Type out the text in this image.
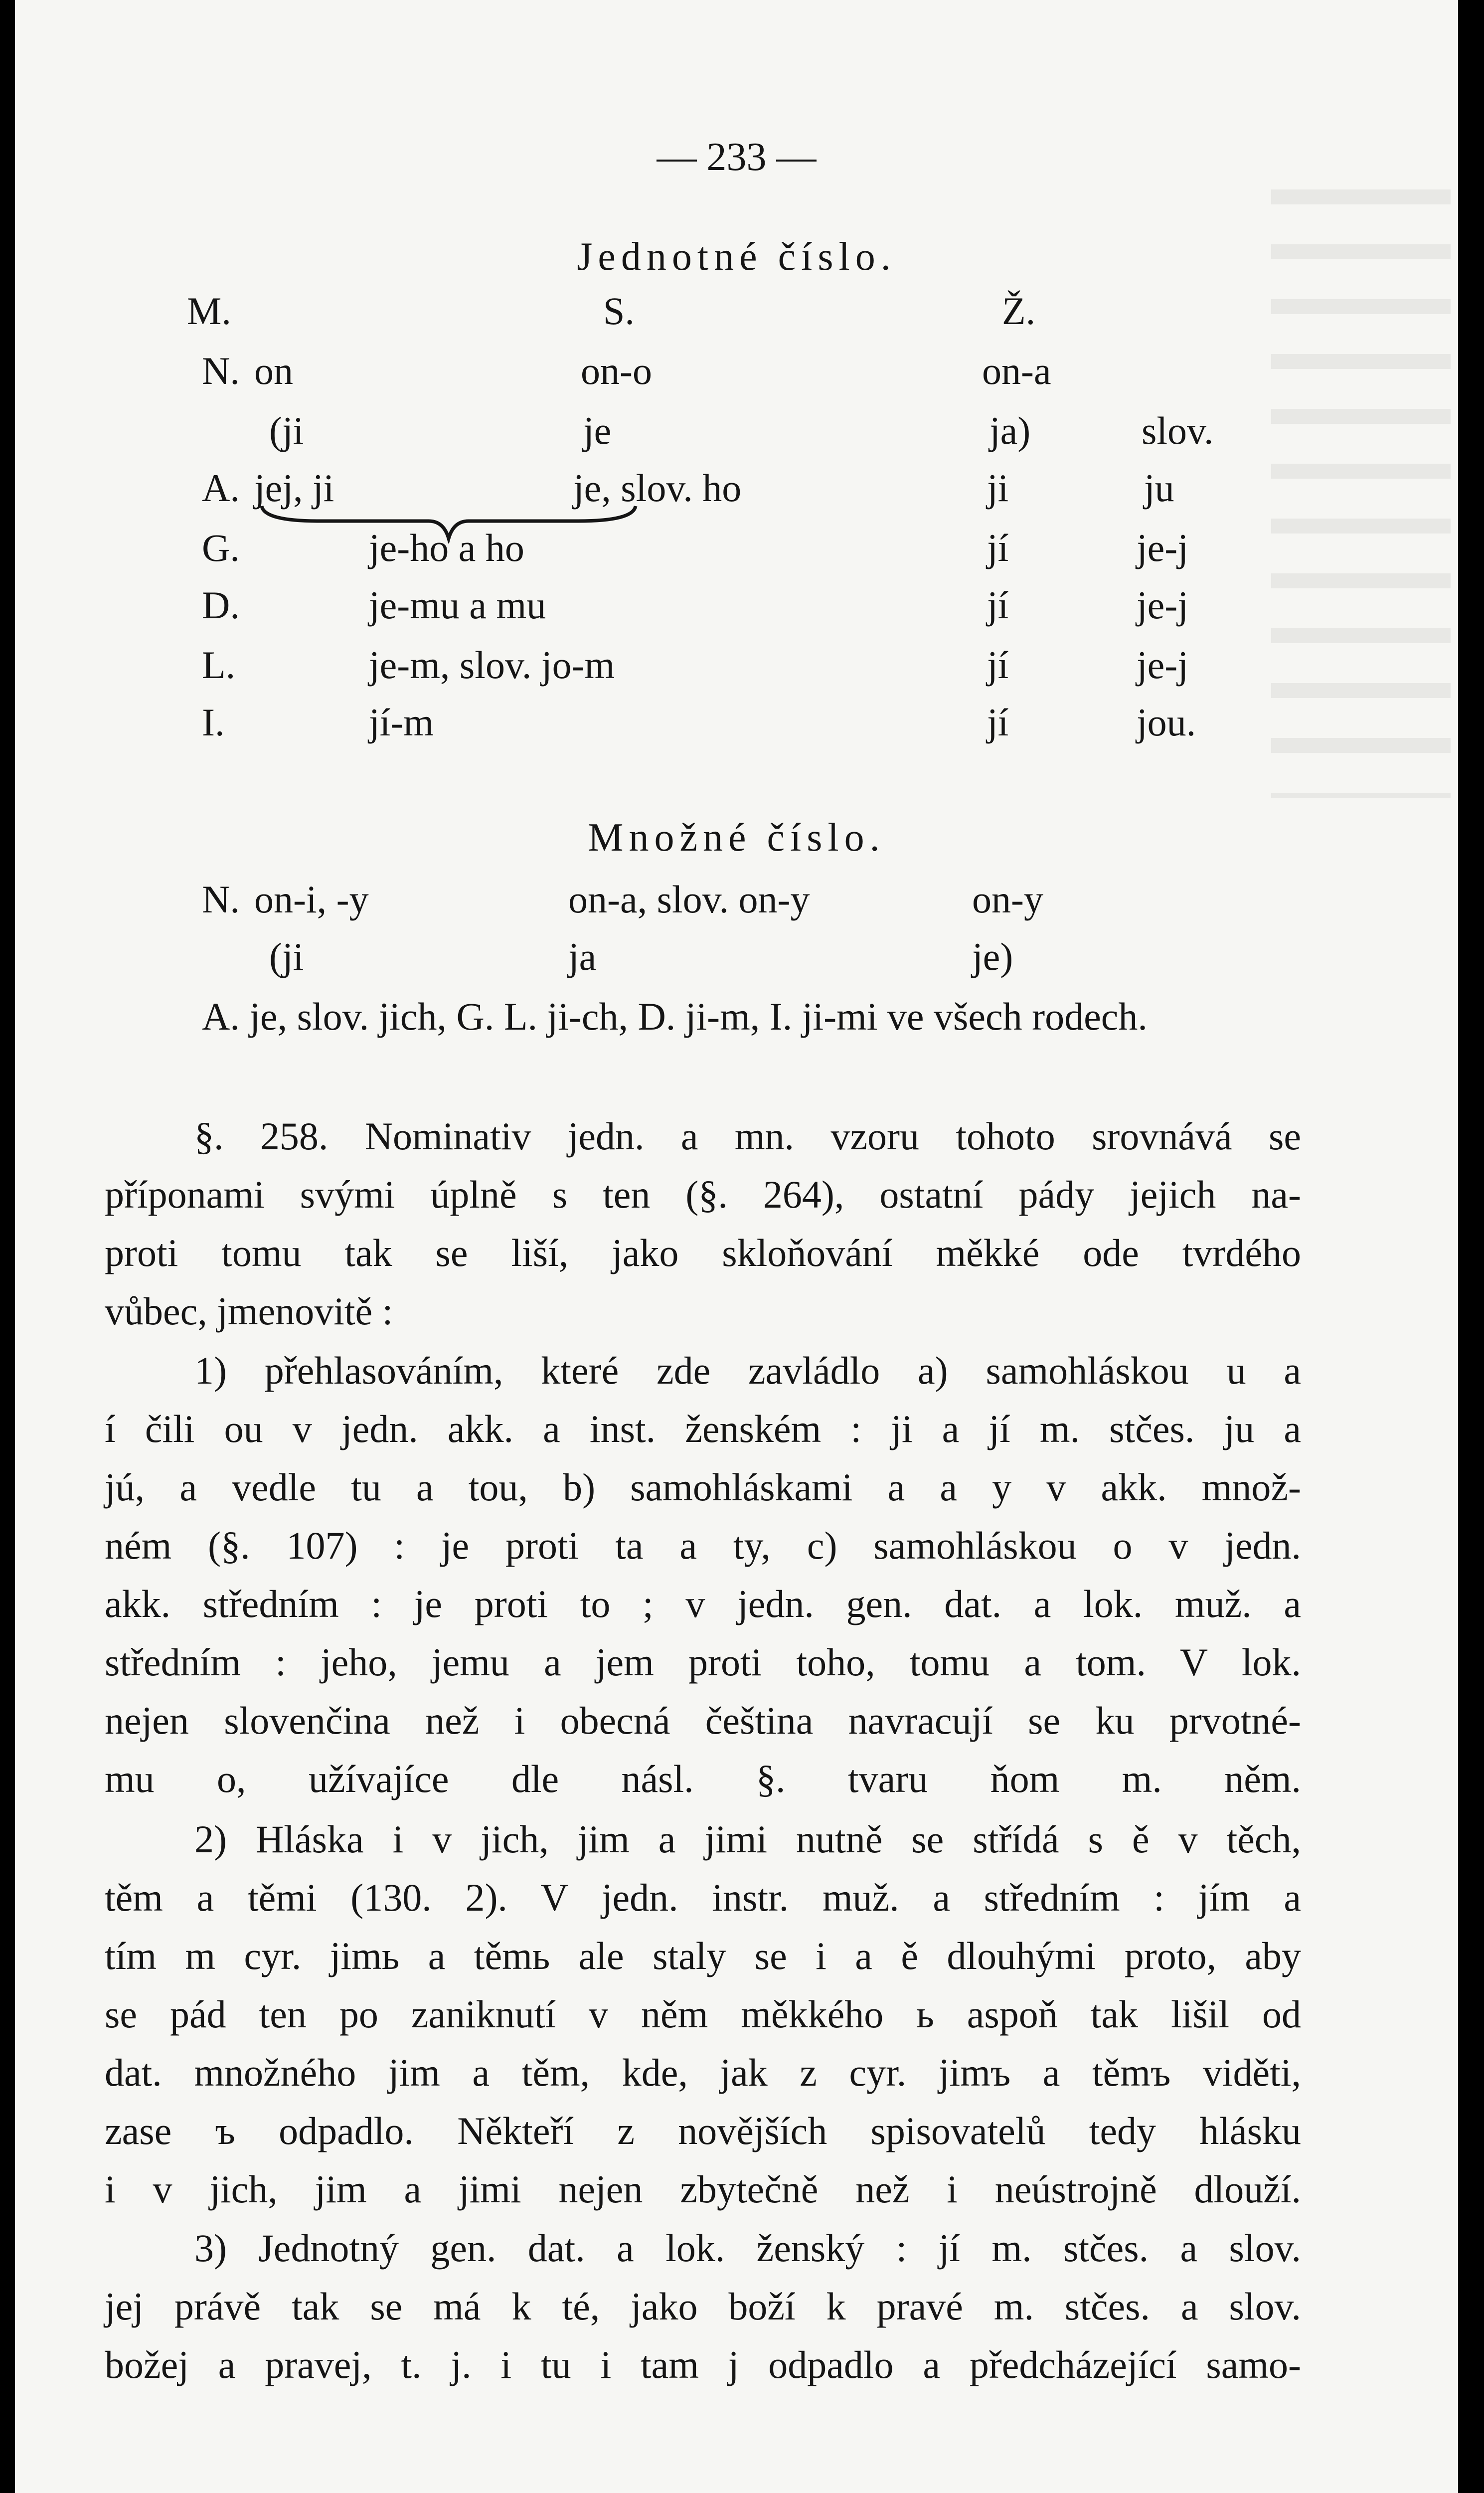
— 233 —
Jednotné číslo.
M.	S.	Ž.
N. on	on-o	on-a
(ji	je	ja)	slov.
A. jej, ji	je, slov. ho	ji	ju
G.	je-ho a ho	jí	je-j
D.	je-mu a mu	jí	je-j
L.	je-m, slov. jo-m	jí	je-j
I.	jí-m	jí	jou.
Množné číslo.
N. on-i, -y	on-a, slov. on-y	on-y
(ji	ja	je)
A. je, slov. jich, G. L. ji-ch, D. ji-m, I. ji-mi ve všech rodech.
§. 258. Nominativ jedn. a mn. vzoru tohoto srovnává se
příponami svými úplně s ten (§. 264), ostatní pády jejich na-
proti tomu tak se liší, jako skloňování měkké ode tvrdého
vůbec, jmenovitě :
1) přehlasováním, které zde zavládlo a) samohláskou u a
í čili ou v jedn. akk. a inst. ženském : ji a jí m. stčes. ju a
jú, a vedle tu a tou, b) samohláskami a a y v akk. množ-
ném (§. 107) : je proti ta a ty, c) samohláskou o v jedn.
akk. středním : je proti to ; v jedn. gen. dat. a lok. muž. a
středním : jeho, jemu a jem proti toho, tomu a tom. V lok.
nejen slovenčina než i obecná čeština navracují se ku prvotné-
mu o, užívajíce dle násl. §. tvaru ňom m. něm.
2) Hláska i v jich, jim a jimi nutně se střídá s ě v těch,
těm a těmi (130. 2). V jedn. instr. muž. a středním : jím a
tím m cyr. jimь a těmь ale staly se i a ě dlouhými proto, aby
se pád ten po zaniknutí v něm měkkého ь aspoň tak lišil od
dat. množného jim a těm, kde, jak z cyr. jimъ a těmъ viděti,
zase ъ odpadlo. Někteří z novějších spisovatelů tedy hlásku
i v jich, jim a jimi nejen zbytečně než i neústrojně dlouží.
3) Jednotný gen. dat. a lok. ženský : jí m. stčes. a slov.
jej právě tak se má k té, jako boží k pravé m. stčes. a slov.
božej a pravej, t. j. i tu i tam j odpadlo a předcházející samo-
